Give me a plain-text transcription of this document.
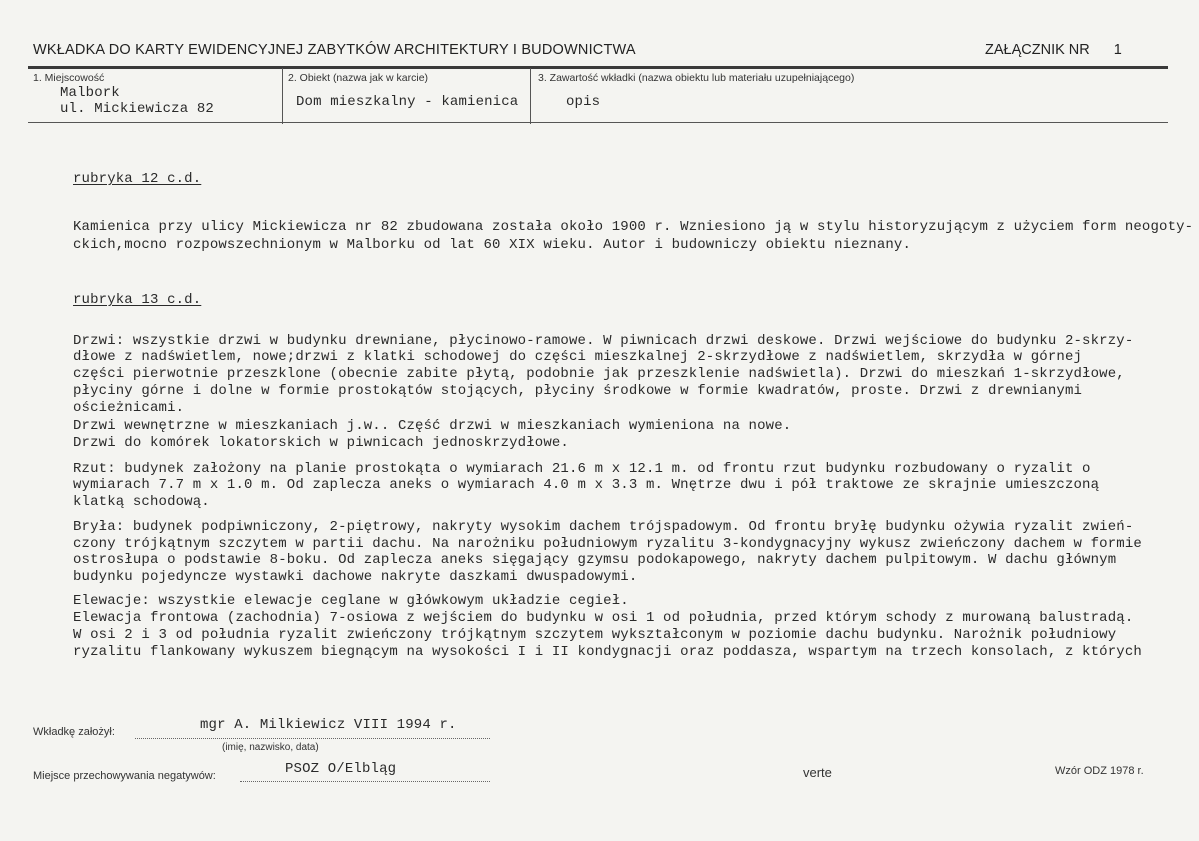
WKŁADKA DO KARTY EWIDENCYJNEJ ZABYTKÓW ARCHITEKTURY I BUDOWNICTWA	ZAŁĄCZNIK NR 1
1. Miejscowość
Malbork
ul. Mickiewicza 82
2. Obiekt (nazwa jak w karcie)
Dom mieszkalny - kamienica
3. Zawartość wkładki (nazwa obiektu lub materiału uzupełniającego)
opis
rubryka 12 c.d.
Kamienica przy ulicy Mickiewicza nr 82 zbudowana została około 1900 r. Wzniesiono ją w stylu historyzującym z użyciem form neogoty-
ckich,mocno rozpowszechnionym w Malborku od lat 60 XIX wieku. Autor i budowniczy obiektu nieznany.
rubryka 13 c.d.
Drzwi: wszystkie drzwi w budynku drewniane, płycinowo-ramowe. W piwnicach drzwi deskowe. Drzwi wejściowe do budynku 2-skrzy-
dłowe z nadświetlem, nowe;drzwi z klatki schodowej do części mieszkalnej 2-skrzydłowe z nadświetlem, skrzydła w górnej
części pierwotnie przeszklone (obecnie zabite płytą, podobnie jak przeszklenie nadświetla). Drzwi do mieszkań 1-skrzydłowe,
płyciny górne i dolne w formie prostokątów stojących, płyciny środkowe w formie kwadratów, proste. Drzwi z drewnianymi
ościeżnicami.
Drzwi wewnętrzne w mieszkaniach j.w.. Część drzwi w mieszkaniach wymieniona na nowe.
Drzwi do komórek lokatorskich w piwnicach jednoskrzydłowe.
Rzut: budynek założony na planie prostokąta o wymiarach 21.6 m x 12.1 m. od frontu rzut budynku rozbudowany o ryzalit o
wymiarach 7.7 m x 1.0 m. Od zaplecza aneks o wymiarach 4.0 m x 3.3 m. Wnętrze dwu i pół traktowe ze skrajnie umieszczoną
klatką schodową.
Bryła: budynek podpiwniczony, 2-piętrowy, nakryty wysokim dachem trójspadowym. Od frontu bryłę budynku ożywia ryzalit zwień-
czony trójkątnym szczytem w partii dachu. Na narożniku południowym ryzalitu 3-kondygnacyjny wykusz zwieńczony dachem w formie
ostrosłupa o podstawie 8-boku. Od zaplecza aneks sięgający gzymsu podokapowego, nakryty dachem pulpitowym. W dachu głównym
budynku pojedyncze wystawki dachowe nakryte daszkami dwuspadowymi.
Elewacje: wszystkie elewacje ceglane w główkowym układzie cegieł.
Elewacja frontowa (zachodnia) 7-osiowa z wejściem do budynku w osi 1 od południa, przed którym schody z murowaną balustradą.
W osi 2 i 3 od południa ryzalit zwieńczony trójkątnym szczytem wykształconym w poziomie dachu budynku. Narożnik południowy
ryzalitu flankowany wykuszem biegnącym na wysokości I i II kondygnacji oraz poddasza, wspartym na trzech konsolach, z których
Wkładkę założył:	mgr A. Milkiewicz VIII 1994 r.
(imię, nazwisko, data)
Miejsce przechowywania negatywów:	PSOZ O/Elbląg	verte	Wzór ODZ 1978 r.
